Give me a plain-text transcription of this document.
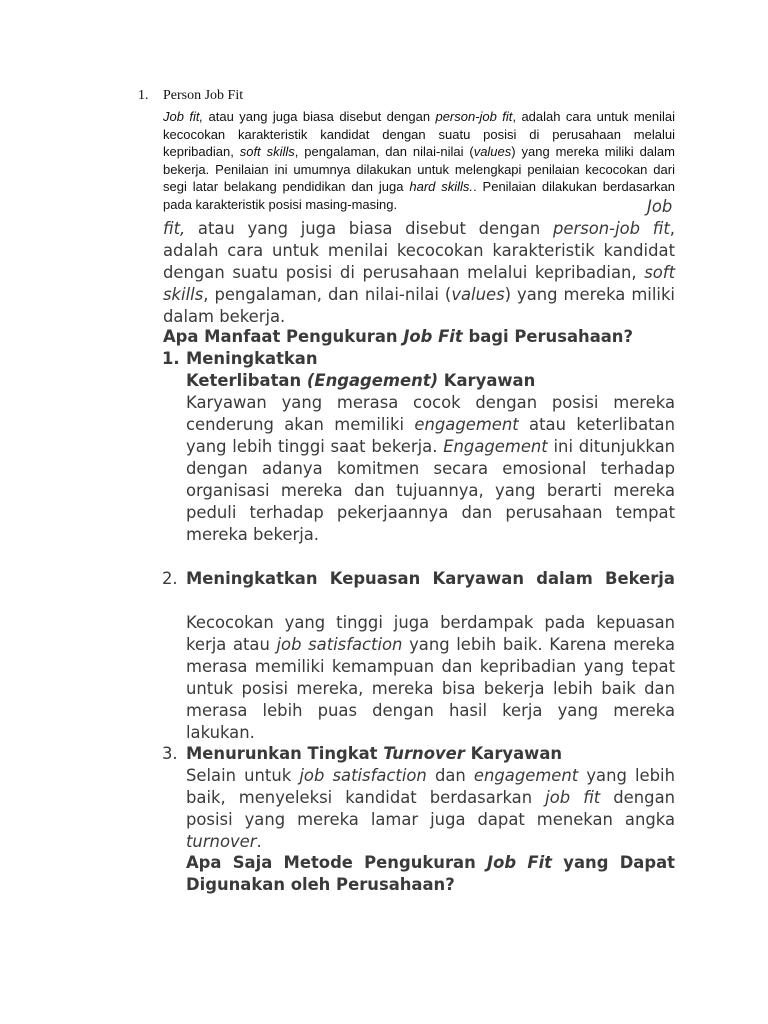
1. Person Job Fit
Job fit, atau yang juga biasa disebut dengan person-job fit, adalah cara untuk menilai kecocokan karakteristik kandidat dengan suatu posisi di perusahaan melalui kepribadian, soft skills, pengalaman, dan nilai-nilai (values) yang mereka miliki dalam bekerja. Penilaian ini umumnya dilakukan untuk melengkapi penilaian kecocokan dari segi latar belakang pendidikan dan juga hard skills.. Penilaian dilakukan berdasarkan pada karakteristik posisi masing-masing.	Job fit, atau yang juga biasa disebut dengan person-job fit, adalah cara untuk menilai kecocokan karakteristik kandidat dengan suatu posisi di perusahaan melalui kepribadian, soft skills, pengalaman, dan nilai-nilai (values) yang mereka miliki dalam bekerja.
Apa Manfaat Pengukuran Job Fit bagi Perusahaan?
1. Meningkatkan
Keterlibatan (Engagement) Karyawan
Karyawan yang merasa cocok dengan posisi mereka cenderung akan memiliki engagement atau keterlibatan yang lebih tinggi saat bekerja. Engagement ini ditunjukkan dengan adanya komitmen secara emosional terhadap organisasi mereka dan tujuannya, yang berarti mereka peduli terhadap pekerjaannya dan perusahaan tempat mereka bekerja.
2. Meningkatkan Kepuasan Karyawan dalam Bekerja
Kecocokan yang tinggi juga berdampak pada kepuasan kerja atau job satisfaction yang lebih baik. Karena mereka merasa memiliki kemampuan dan kepribadian yang tepat untuk posisi mereka, mereka bisa bekerja lebih baik dan merasa lebih puas dengan hasil kerja yang mereka lakukan.
3. Menurunkan Tingkat Turnover Karyawan
Selain untuk job satisfaction dan engagement yang lebih baik, menyeleksi kandidat berdasarkan job fit dengan posisi yang mereka lamar juga dapat menekan angka turnover.
Apa Saja Metode Pengukuran Job Fit yang Dapat Digunakan oleh Perusahaan?
